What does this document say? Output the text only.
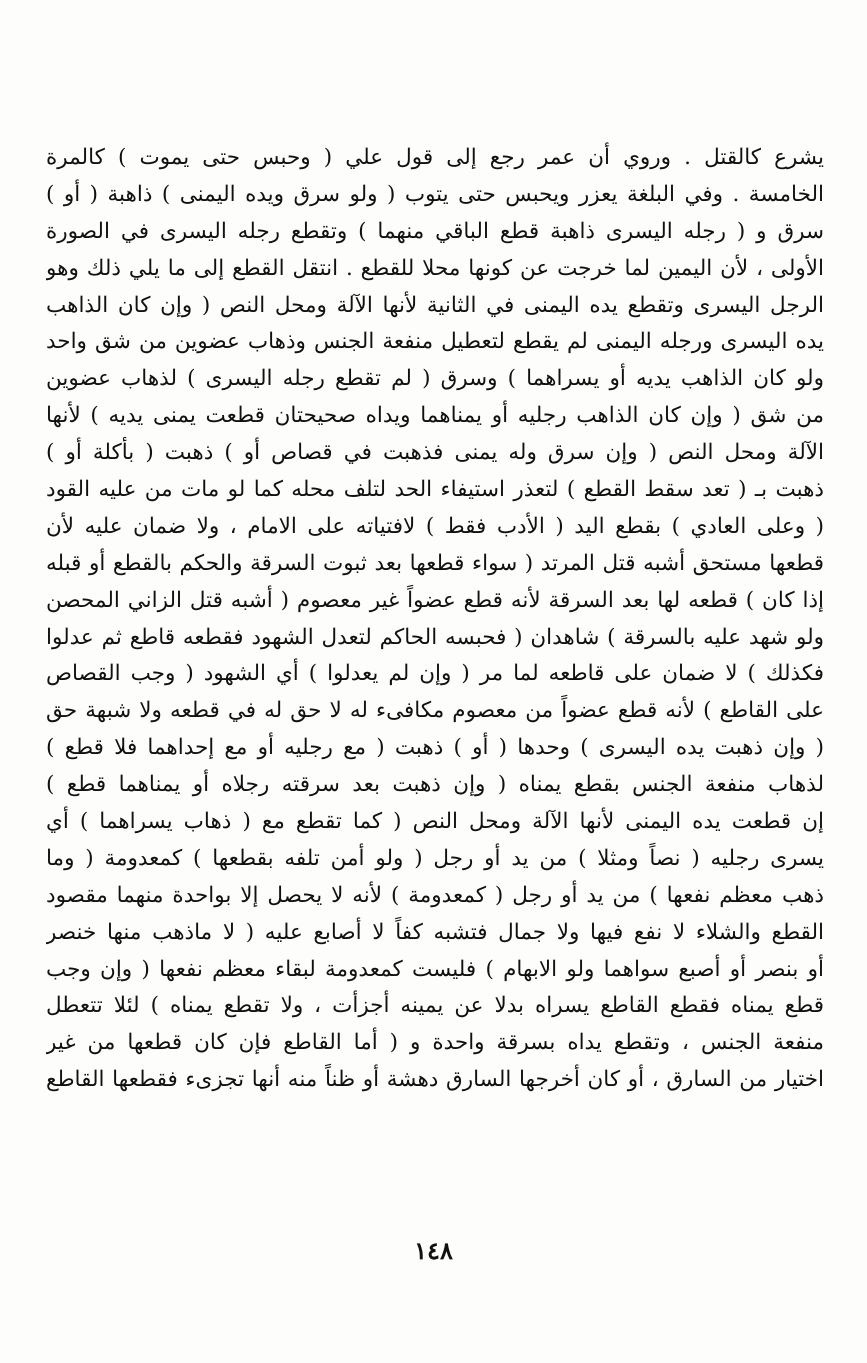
يشرع كالقتل . وروي أن عمر رجع إلى قول علي ( وحبس حتى يموت ) كالمرة
الخامسة . وفي البلغة يعزر ويحبس حتى يتوب ( ولو سرق ويده اليمنى ) ذاهبة ( أو )
سرق و ( رجله اليسرى ذاهبة قطع الباقي منهما ) وتقطع رجله اليسرى في الصورة
الأولى ، لأن اليمين لما خرجت عن كونها محلا للقطع . انتقل القطع إلى ما يلي ذلك وهو
الرجل اليسرى وتقطع يده اليمنى في الثانية لأنها الآلة ومحل النص ( وإن كان الذاهب
يده اليسرى ورجله اليمنى لم يقطع لتعطيل منفعة الجنس وذهاب عضوين من شق واحد
ولو كان الذاهب يديه أو يسراهما ) وسرق ( لم تقطع رجله اليسرى ) لذهاب عضوين
من شق ( وإن كان الذاهب رجليه أو يمناهما ويداه صحيحتان قطعت يمنى يديه ) لأنها
الآلة ومحل النص ( وإن سرق وله يمنى فذهبت في قصاص أو ) ذهبت ( بأكلة أو )
ذهبت بـ ( تعد سقط القطع ) لتعذر استيفاء الحد لتلف محله كما لو مات من عليه القود
( وعلى العادي ) بقطع اليد ( الأدب فقط ) لافتياته على الامام ، ولا ضمان عليه لأن
قطعها مستحق أشبه قتل المرتد ( سواء قطعها بعد ثبوت السرقة والحكم بالقطع أو قبله
إذا كان ) قطعه لها بعد السرقة لأنه قطع عضواً غير معصوم ( أشبه قتل الزاني المحصن
ولو شهد عليه بالسرقة ) شاهدان ( فحبسه الحاكم لتعدل الشهود فقطعه قاطع ثم عدلوا
فكذلك ) لا ضمان على قاطعه لما مر ( وإن لم يعدلوا ) أي الشهود ( وجب القصاص
على القاطع ) لأنه قطع عضواً من معصوم مكافىء له لا حق له في قطعه ولا شبهة حق
( وإن ذهبت يده اليسرى ) وحدها ( أو ) ذهبت ( مع رجليه أو مع إحداهما فلا قطع )
لذهاب منفعة الجنس بقطع يمناه ( وإن ذهبت بعد سرقته رجلاه أو يمناهما قطع )
إن قطعت يده اليمنى لأنها الآلة ومحل النص ( كما تقطع مع ( ذهاب يسراهما ) أي
يسرى رجليه ( نصاً ومثلا ) من يد أو رجل ( ولو أمن تلفه بقطعها ) كمعدومة ( وما
ذهب معظم نفعها ) من يد أو رجل ( كمعدومة ) لأنه لا يحصل إلا بواحدة منهما مقصود
القطع والشلاء لا نفع فيها ولا جمال فتشبه كفاً لا أصابع عليه ( لا ماذهب منها خنصر
أو بنصر أو أصبع سواهما ولو الابهام ) فليست كمعدومة لبقاء معظم نفعها ( وإن وجب
قطع يمناه فقطع القاطع يسراه بدلا عن يمينه أجزأت ، ولا تقطع يمناه ) لئلا تتعطل
منفعة الجنس ، وتقطع يداه بسرقة واحدة و ( أما القاطع فإن كان قطعها من غير
اختيار من السارق ، أو كان أخرجها السارق دهشة أو ظناً منه أنها تجزىء فقطعها القاطع
١٤٨
